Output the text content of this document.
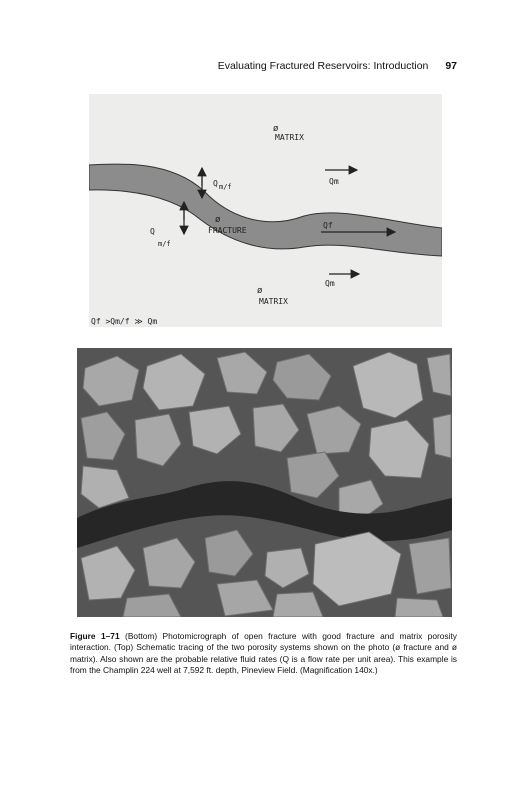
Evaluating Fractured Reservoirs: Introduction 97
ø
MATRIX
Q m/f
Qm
ø
FRACTURE
Qf
Q
m/f
Qm
ø
MATRIX
Qf >Qm/f ≫ Qm
Figure 1–71 (Bottom) Photomicrograph of open fracture with good fracture and matrix porosity interaction. (Top) Schematic tracing of the two porosity systems shown on the photo (ø fracture and ø matrix). Also shown are the probable relative fluid rates (Q is a flow rate per unit area). This example is from the Champlin 224 well at 7,592 ft. depth, Pineview Field. (Magnification 140x.)
